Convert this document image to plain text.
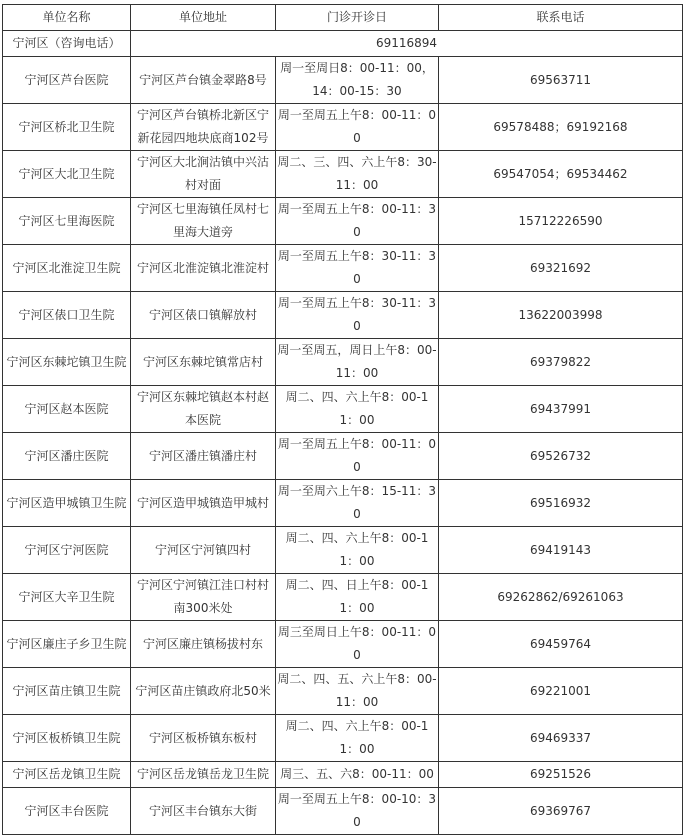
单位名称	单位地址	门诊开诊日	联系电话
宁河区（咨询电话）	69116894		
宁河区芦台医院	宁河区芦台镇金翠路8号	周一至周日8：00-11：00，14：00-15：30	69563711
宁河区桥北卫生院	宁河区芦台镇桥北新区宁新花园四地块底商102号	周一至周五上午8：00-11：00	69578488；69192168
宁河区大北卫生院	宁河区大北涧沽镇中兴沽村对面	周二、三、四、六上午8：30-11：00	69547054；69534462
宁河区七里海医院	宁河区七里海镇任凤村七里海大道旁	周一至周五上午8：00-11：30	15712226590
宁河区北淮淀卫生院	宁河区北淮淀镇北淮淀村	周一至周五上午8：30-11：30	69321692
宁河区俵口卫生院	宁河区俵口镇解放村	周一至周五上午8：30-11：30	13622003998
宁河区东棘坨镇卫生院	宁河区东棘坨镇常店村	周一至周五，周日上午8：00-11：00	69379822
宁河区赵本医院	宁河区东棘坨镇赵本村赵本医院	周二、四、六上午8：00-11：00	69437991
宁河区潘庄医院	宁河区潘庄镇潘庄村	周一至周五上午8：00-11：00	69526732
宁河区造甲城镇卫生院	宁河区造甲城镇造甲城村	周一至周六上午8：15-11：30	69516932
宁河区宁河医院	宁河区宁河镇四村	周二、四、六上午8：00-11：00	69419143
宁河区大辛卫生院	宁河区宁河镇江洼口村村南300米处	周二、四、日上午8：00-11：00	69262862/69261063
宁河区廉庄子乡卫生院	宁河区廉庄镇杨拔村东	周三至周日上午8：00-11：00	69459764
宁河区苗庄镇卫生院	宁河区苗庄镇政府北50米	周二、四、五、六上午8：00-11：00	69221001
宁河区板桥镇卫生院	宁河区板桥镇东板村	周二、四、六上午8：00-11：00	69469337
宁河区岳龙镇卫生院	宁河区岳龙镇岳龙卫生院	周三、五、六8：00-11：00	69251526
宁河区丰台医院	宁河区丰台镇东大街	周一至周五上午8：00-10：30	69369767
